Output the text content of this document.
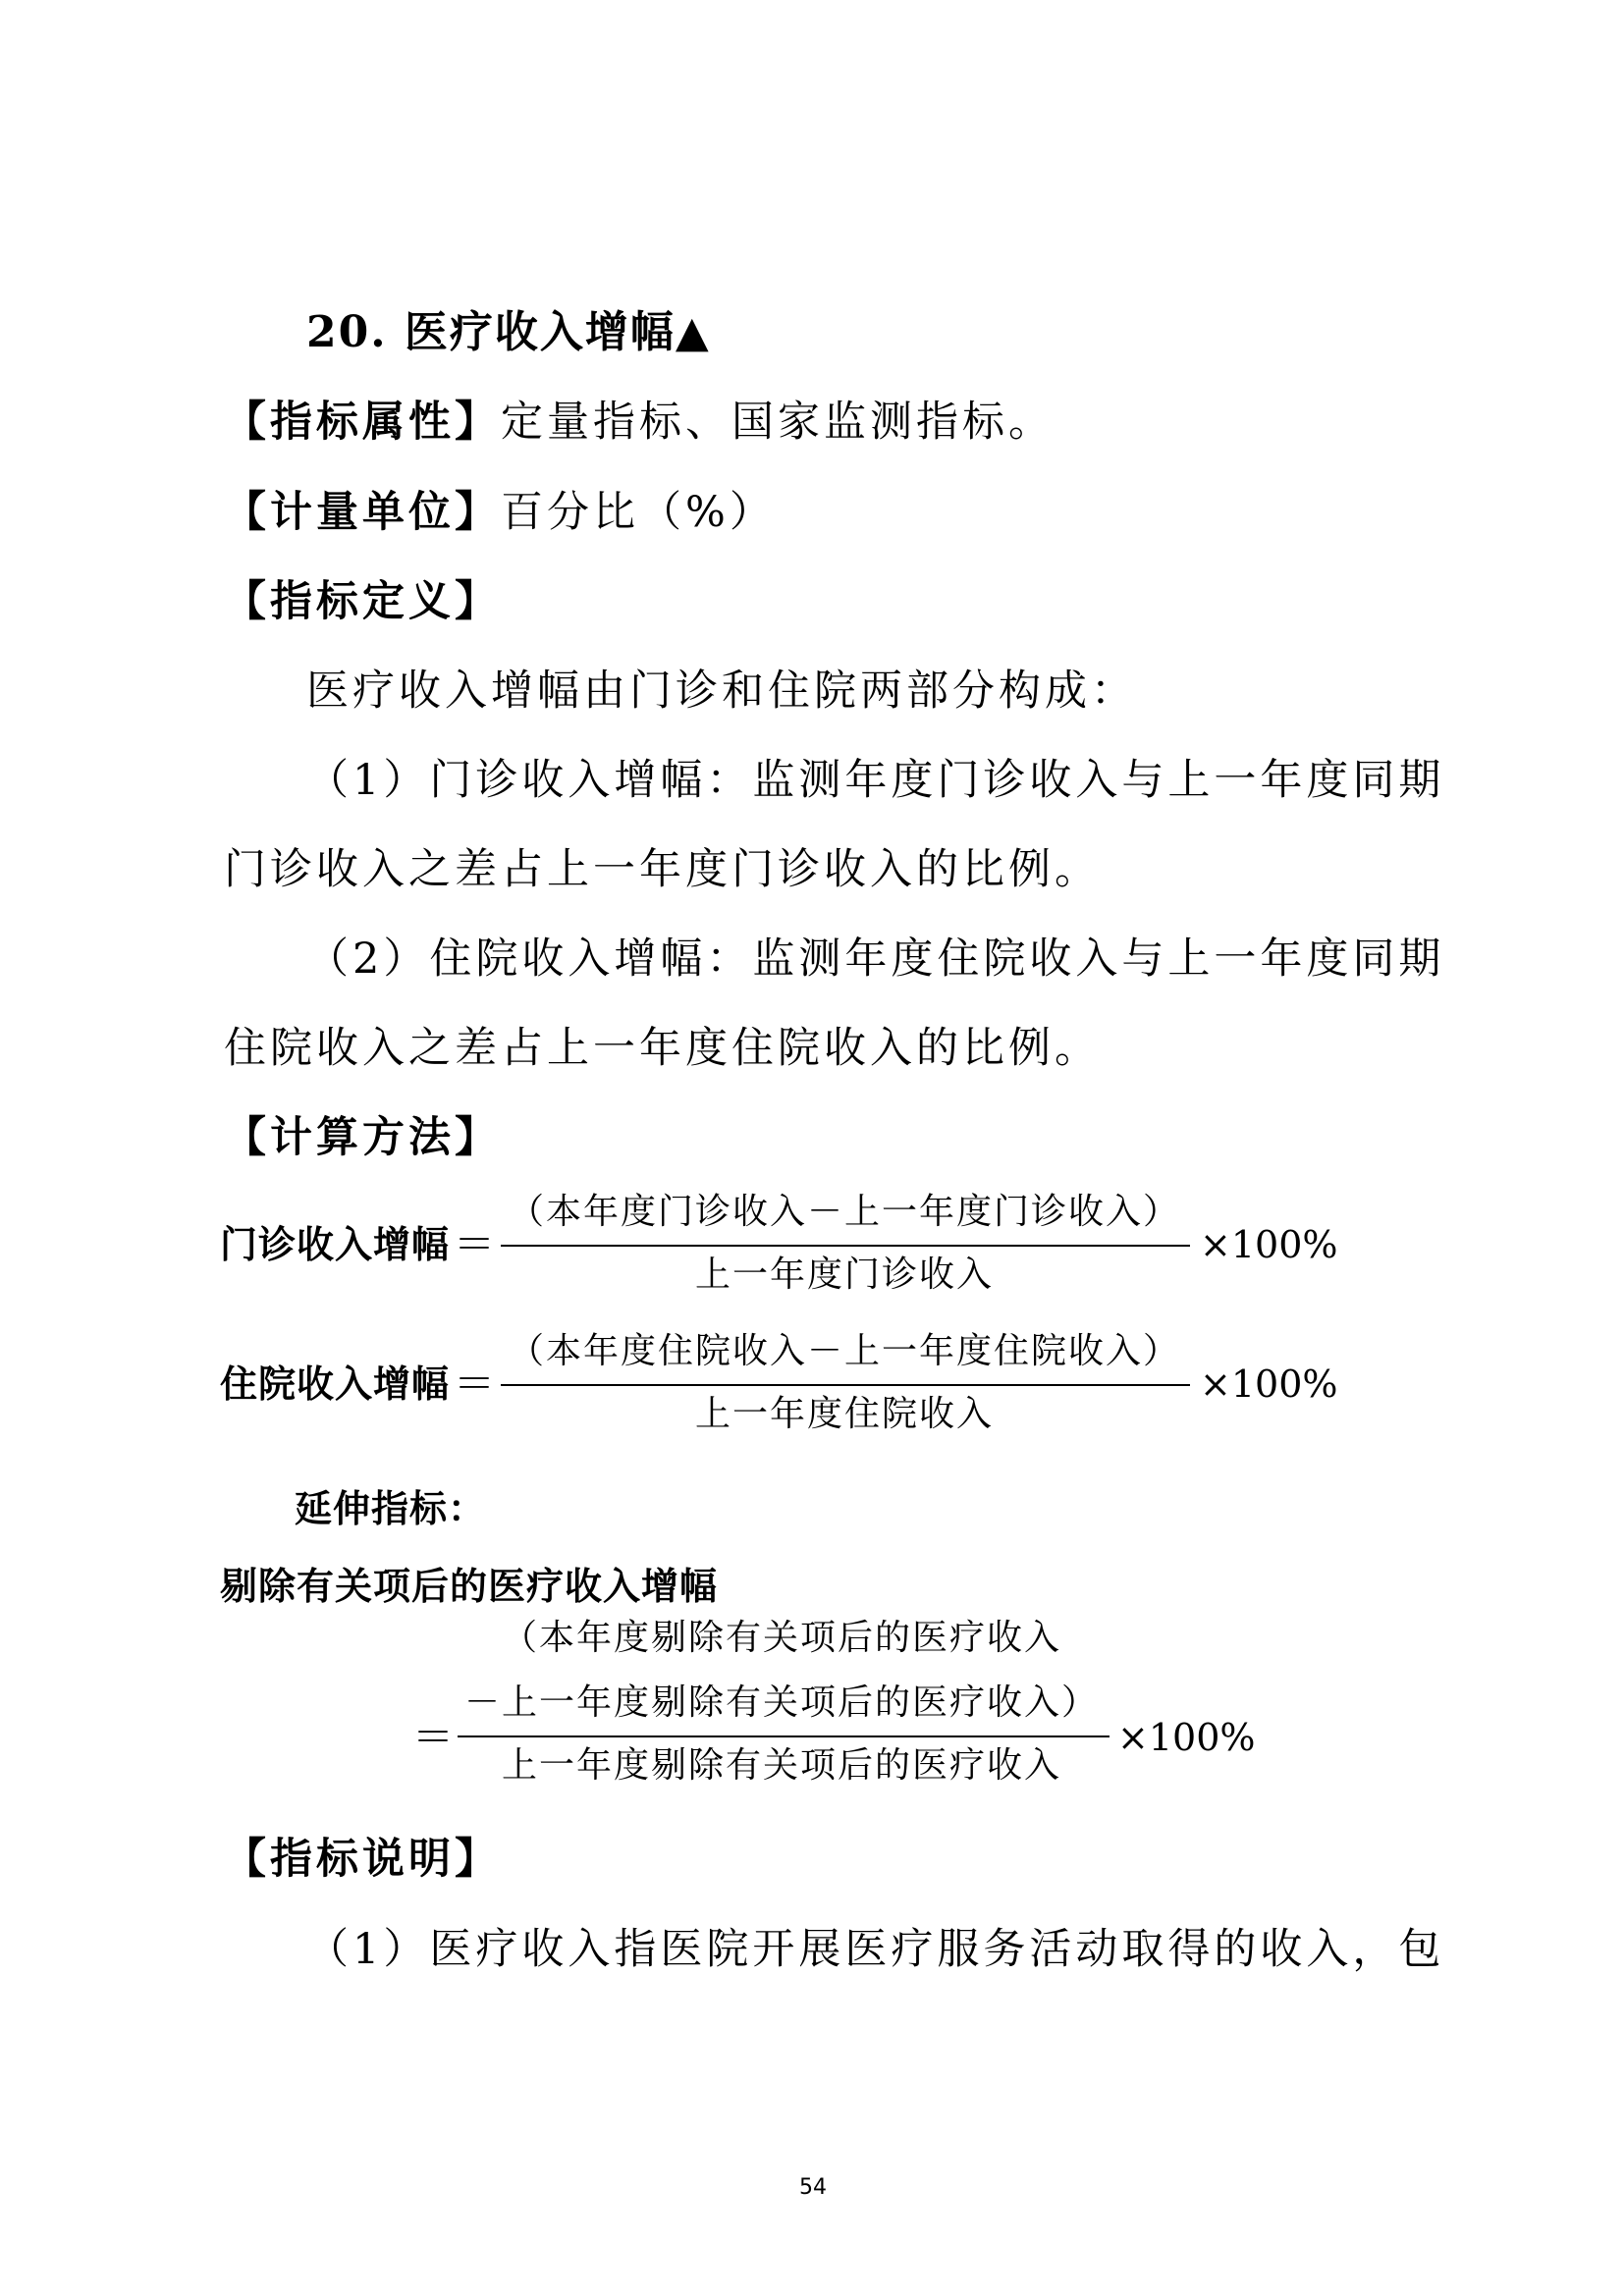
20. 医疗收入增幅▲
【指标属性】定量指标、国家监测指标。
【计量单位】百分比（%）
【指标定义】
医疗收入增幅由门诊和住院两部分构成：
（1）门诊收入增幅：监测年度门诊收入与上一年度同期
门诊收入之差占上一年度门诊收入的比例。
（2）住院收入增幅：监测年度住院收入与上一年度同期
住院收入之差占上一年度住院收入的比例。
【计算方法】
门诊收入增幅 ＝
（本年度门诊收入－上一年度门诊收入）
上一年度门诊收入
×100%
住院收入增幅 ＝
（本年度住院收入－上一年度住院收入）
上一年度住院收入
×100%
延伸指标：
剔除有关项后的医疗收入增幅
（本年度剔除有关项后的医疗收入
－上一年度剔除有关项后的医疗收入）
＝
上一年度剔除有关项后的医疗收入
×100%
【指标说明】
（1）医疗收入指医院开展医疗服务活动取得的收入，包
54
